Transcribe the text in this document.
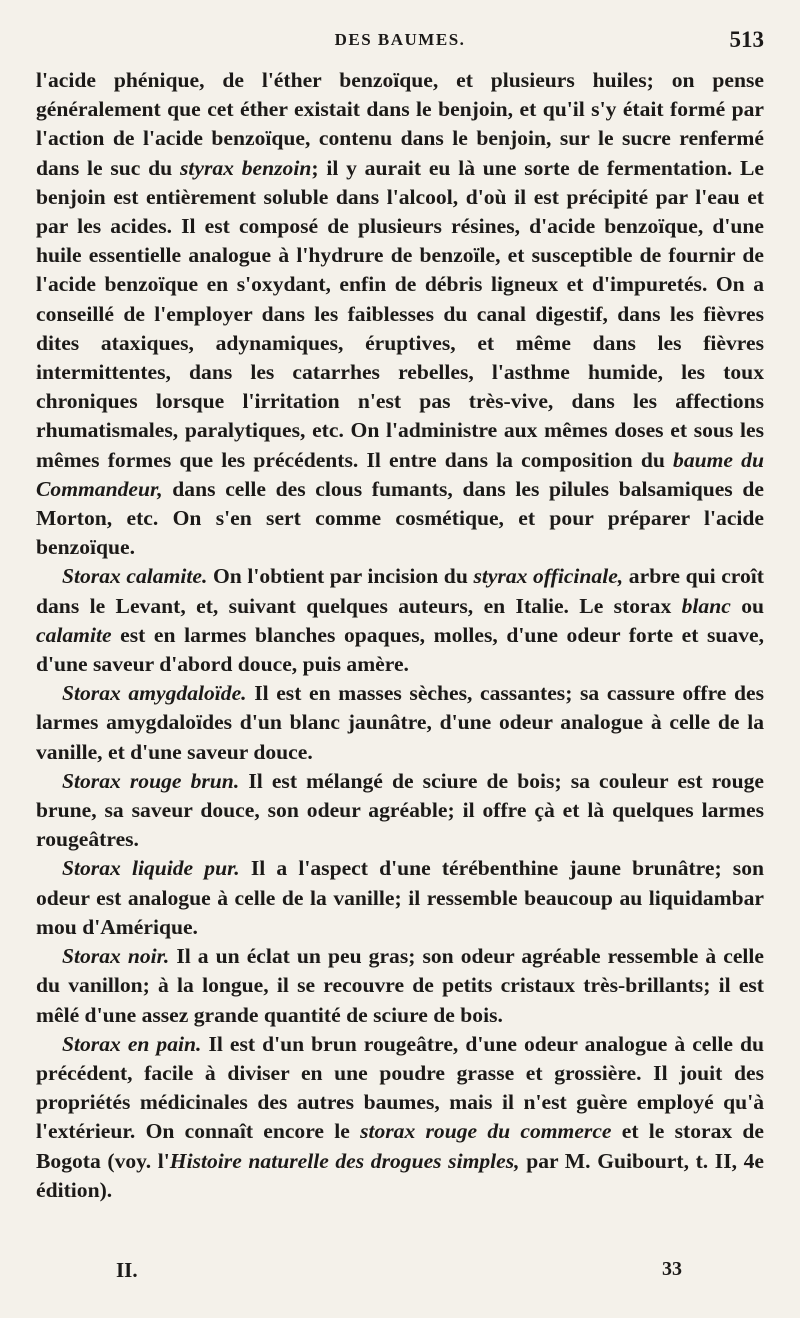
DES BAUMES.	513

l'acide phénique, de l'éther benzoïque, et plusieurs huiles; on pense généralement que cet éther existait dans le benjoin, et qu'il s'y était formé par l'action de l'acide benzoïque, contenu dans le benjoin, sur le sucre renfermé dans le suc du styrax benzoin; il y aurait eu là une sorte de fermentation. Le benjoin est entièrement soluble dans l'alcool, d'où il est précipité par l'eau et par les acides. Il est composé de plusieurs résines, d'acide benzoïque, d'une huile essentielle analogue à l'hydrure de benzoïle, et susceptible de fournir de l'acide benzoïque en s'oxydant, enfin de débris ligneux et d'impuretés. On a conseillé de l'employer dans les faiblesses du canal digestif, dans les fièvres dites ataxiques, adynamiques, éruptives, et même dans les fièvres intermittentes, dans les catarrhes rebelles, l'asthme humide, les toux chroniques lorsque l'irritation n'est pas très-vive, dans les affections rhumatismales, paralytiques, etc. On l'administre aux mêmes doses et sous les mêmes formes que les précédents. Il entre dans la composition du baume du Commandeur, dans celle des clous fumants, dans les pilules balsamiques de Morton, etc. On s'en sert comme cosmétique, et pour préparer l'acide benzoïque.

Storax calamite. On l'obtient par incision du styrax officinale, arbre qui croît dans le Levant, et, suivant quelques auteurs, en Italie. Le storax blanc ou calamite est en larmes blanches opaques, molles, d'une odeur forte et suave, d'une saveur d'abord douce, puis amère.

Storax amygdaloïde. Il est en masses sèches, cassantes; sa cassure offre des larmes amygdaloïdes d'un blanc jaunâtre, d'une odeur analogue à celle de la vanille, et d'une saveur douce.

Storax rouge brun. Il est mélangé de sciure de bois; sa couleur est rouge brune, sa saveur douce, son odeur agréable; il offre çà et là quelques larmes rougeâtres.

Storax liquide pur. Il a l'aspect d'une térébenthine jaune brunâtre; son odeur est analogue à celle de la vanille; il ressemble beaucoup au liquidambar mou d'Amérique.

Storax noir. Il a un éclat un peu gras; son odeur agréable ressemble à celle du vanillon; à la longue, il se recouvre de petits cristaux très-brillants; il est mêlé d'une assez grande quantité de sciure de bois.

Storax en pain. Il est d'un brun rougeâtre, d'une odeur analogue à celle du précédent, facile à diviser en une poudre grasse et grossière. Il jouit des propriétés médicinales des autres baumes, mais il n'est guère employé qu'à l'extérieur. On connaît encore le storax rouge du commerce et le storax de Bogota (voy. l'Histoire naturelle des drogues simples, par M. Guibourt, t. II, 4e édition).

II.	33
